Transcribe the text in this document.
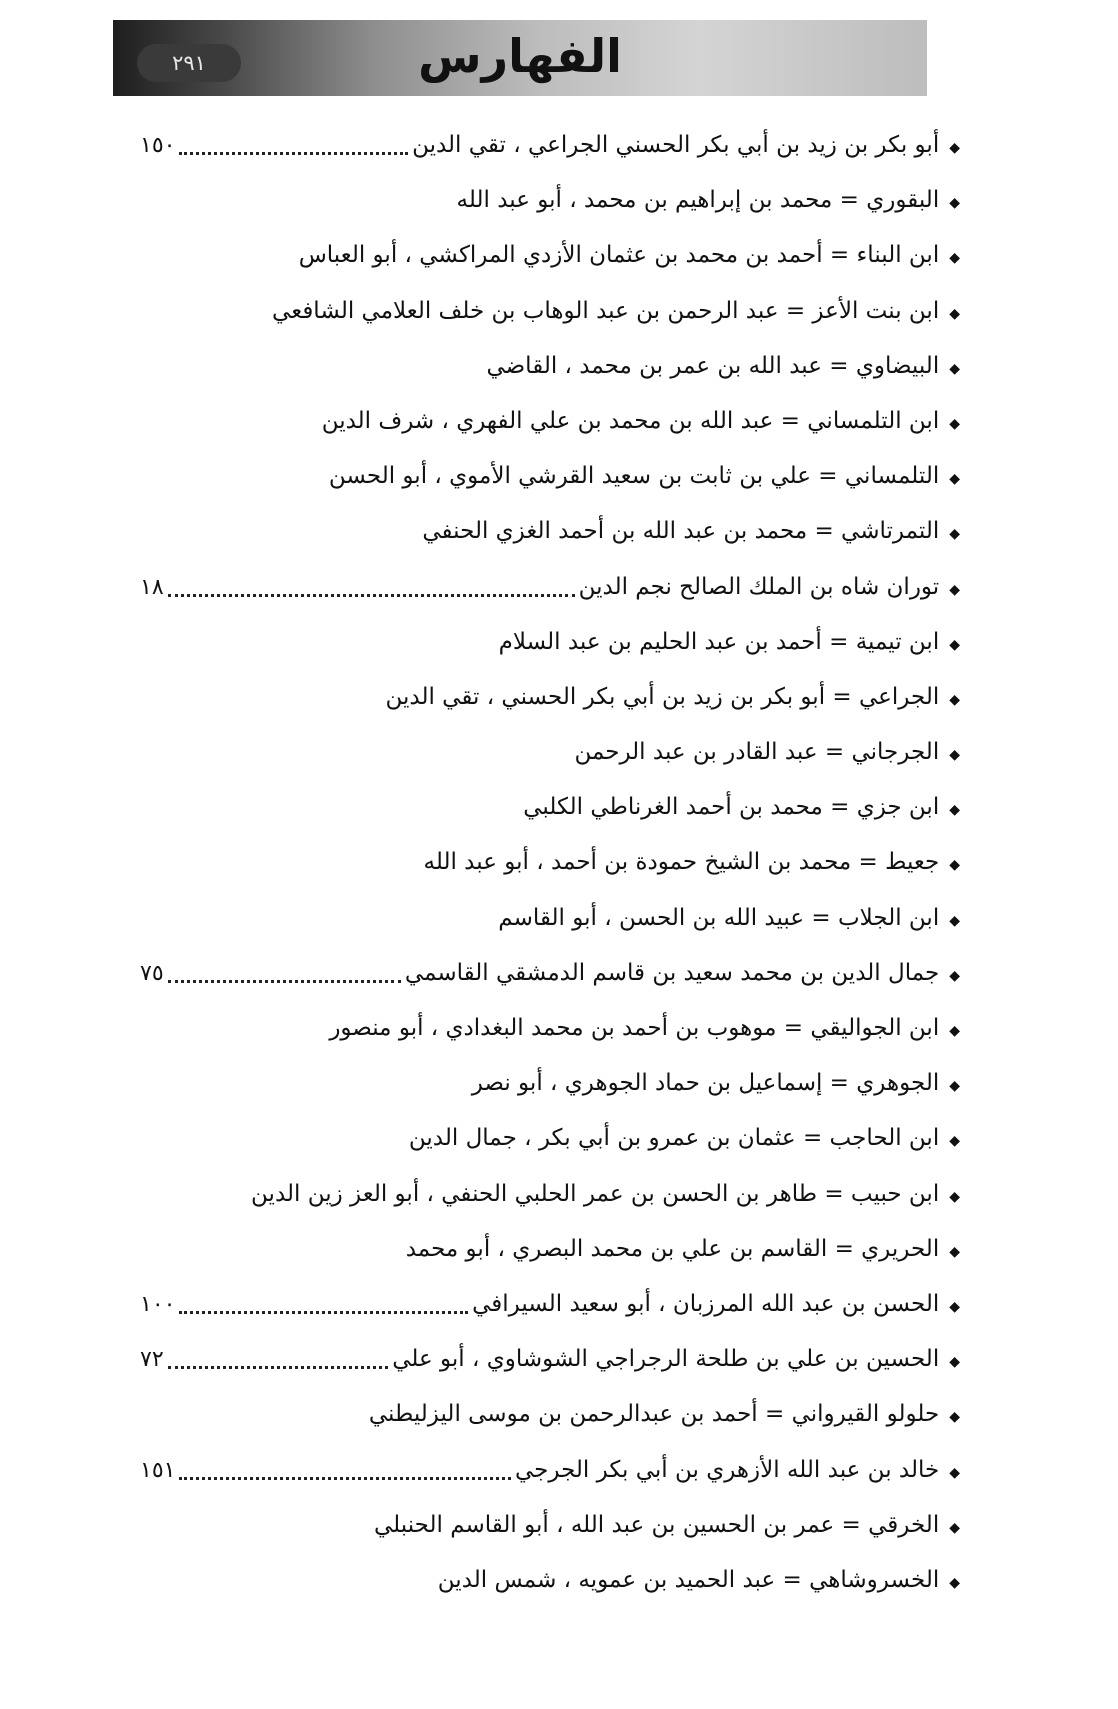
الفهارس
٢٩١
◆
أبو بكر بن زيد بن أبي بكر الحسني الجراعي ، تقي الدين
١٥٠
◆
البقوري = محمد بن إبراهيم بن محمد ، أبو عبد الله
◆
ابن البناء = أحمد بن محمد بن عثمان الأزدي المراكشي ، أبو العباس
◆
ابن بنت الأعز = عبد الرحمن بن عبد الوهاب بن خلف العلامي الشافعي
◆
البيضاوي = عبد الله بن عمر بن محمد ، القاضي
◆
ابن التلمساني = عبد الله بن محمد بن علي الفهري ، شرف الدين
◆
التلمساني = علي بن ثابت بن سعيد القرشي الأموي ، أبو الحسن
◆
التمرتاشي = محمد بن عبد الله بن أحمد الغزي الحنفي
◆
توران شاه بن الملك الصالح نجم الدين
١٨
◆
ابن تيمية = أحمد بن عبد الحليم بن عبد السلام
◆
الجراعي = أبو بكر بن زيد بن أبي بكر الحسني ، تقي الدين
◆
الجرجاني = عبد القادر بن عبد الرحمن
◆
ابن جزي = محمد بن أحمد الغرناطي الكلبي
◆
جعيط = محمد بن الشيخ حمودة بن أحمد ، أبو عبد الله
◆
ابن الجلاب = عبيد الله بن الحسن ، أبو القاسم
◆
جمال الدين بن محمد سعيد بن قاسم الدمشقي القاسمي
٧٥
◆
ابن الجواليقي = موهوب بن أحمد بن محمد البغدادي ، أبو منصور
◆
الجوهري = إسماعيل بن حماد الجوهري ، أبو نصر
◆
ابن الحاجب = عثمان بن عمرو بن أبي بكر ، جمال الدين
◆
ابن حبيب = طاهر بن الحسن بن عمر الحلبي الحنفي ، أبو العز زين الدين
◆
الحريري = القاسم بن علي بن محمد البصري ، أبو محمد
◆
الحسن بن عبد الله المرزبان ، أبو سعيد السيرافي
١٠٠
◆
الحسين بن علي بن طلحة الرجراجي الشوشاوي ، أبو علي
٧٢
◆
حلولو القيرواني = أحمد بن عبدالرحمن بن موسى اليزليطني
◆
خالد بن عبد الله الأزهري بن أبي بكر الجرجي
١٥١
◆
الخرقي = عمر بن الحسين بن عبد الله ، أبو القاسم الحنبلي
◆
الخسروشاهي = عبد الحميد بن عمويه ، شمس الدين
